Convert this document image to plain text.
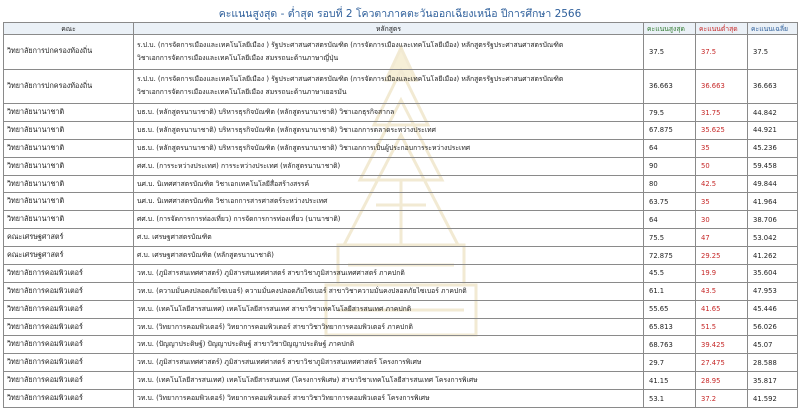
คะแนนสูงสุด - ต่ำสุด รอบที่ 2 โควตาภาคตะวันออกเฉียงเหนือ ปีการศึกษา 2566
คณะ	หลักสูตร	คะแนนสูงสุด	คะแนนต่ำสุด	คะแนนเฉลี่ย
วิทยาลัยการปกครองท้องถิ่น	ร.ป.บ. (การจัดการเมืองและเทคโนโลยีเมือง ) รัฐประศาสนศาสตรบัณฑิต (การจัดการเมืองและเทคโนโลยีเมือง) หลักสูตรรัฐประศาสนศาสตรบัณฑิต
วิชาเอกการจัดการเมืองและเทคโนโลยีเมือง สมรรถนะด้านภาษาญี่ปุ่น	37.5	37.5	37.5
วิทยาลัยการปกครองท้องถิ่น	ร.ป.บ. (การจัดการเมืองและเทคโนโลยีเมือง ) รัฐประศาสนศาสตรบัณฑิต (การจัดการเมืองและเทคโนโลยีเมือง) หลักสูตรรัฐประศาสนศาสตรบัณฑิต
วิชาเอกการจัดการเมืองและเทคโนโลยีเมือง สมรรถนะด้านภาษาเยอรมัน	36.663	36.663	36.663
วิทยาลัยนานาชาติ	บธ.บ. (หลักสูตรนานาชาติ) บริหารธุรกิจบัณฑิต (หลักสูตรนานาชาติ) วิชาเอกธุรกิจสากล	79.5	31.75	44.842
วิทยาลัยนานาชาติ	บธ.บ. (หลักสูตรนานาชาติ) บริหารธุรกิจบัณฑิต (หลักสูตรนานาชาติ) วิชาเอกการตลาดระหว่างประเทศ	67.875	35.625	44.921
วิทยาลัยนานาชาติ	บธ.บ. (หลักสูตรนานาชาติ) บริหารธุรกิจบัณฑิต (หลักสูตรนานาชาติ) วิชาเอกการเป็นผู้ประกอบการระหว่างประเทศ	64	35	45.236
วิทยาลัยนานาชาติ	ศศ.บ. (การระหว่างประเทศ) การระหว่างประเทศ (หลักสูตรนานาชาติ)	90	50	59.458
วิทยาลัยนานาชาติ	นศ.บ. นิเทศศาสตรบัณฑิต วิชาเอกเทคโนโลยีสื่อสร้างสรรค์	80	42.5	49.844
วิทยาลัยนานาชาติ	นศ.บ. นิเทศศาสตรบัณฑิต วิชาเอกการสารศาสตร์ระหว่างประเทศ	63.75	35	41.964
วิทยาลัยนานาชาติ	ศศ.บ. (การจัดการการท่องเที่ยว) การจัดการการท่องเที่ยว (นานาชาติ)	64	30	38.706
คณะเศรษฐศาสตร์	ศ.บ. เศรษฐศาสตรบัณฑิต	75.5	47	53.042
คณะเศรษฐศาสตร์	ศ.บ. เศรษฐศาสตรบัณฑิต (หลักสูตรนานาชาติ)	72.875	29.25	41.262
วิทยาลัยการคอมพิวเตอร์	วท.บ. (ภูมิสารสนเทศศาสตร์) ภูมิสารสนเทศศาสตร์ สาขาวิชาภูมิสารสนเทศศาสตร์ ภาคปกติ	45.5	19.9	35.604
วิทยาลัยการคอมพิวเตอร์	วท.บ. (ความมั่นคงปลอดภัยไซเบอร์) ความมั่นคงปลอดภัยไซเบอร์ สาขาวิชาความมั่นคงปลอดภัยไซเบอร์ ภาคปกติ	61.1	43.5	47.953
วิทยาลัยการคอมพิวเตอร์	วท.บ. (เทคโนโลยีสารสนเทศ) เทคโนโลยีสารสนเทศ สาขาวิชาเทคโนโลยีสารสนเทศ ภาคปกติ	55.65	41.65	45.446
วิทยาลัยการคอมพิวเตอร์	วท.บ. (วิทยาการคอมพิวเตอร์) วิทยาการคอมพิวเตอร์ สาขาวิชาวิทยาการคอมพิวเตอร์ ภาคปกติ	65.813	51.5	56.026
วิทยาลัยการคอมพิวเตอร์	วท.บ. (ปัญญาประดิษฐ์) ปัญญาประดิษฐ์ สาขาวิชาปัญญาประดิษฐ์ ภาคปกติ	68.763	39.425	45.07
วิทยาลัยการคอมพิวเตอร์	วท.บ. (ภูมิสารสนเทศศาสตร์) ภูมิสารสนเทศศาสตร์ สาขาวิชาภูมิสารสนเทศศาสตร์ โครงการพิเศษ	29.7	27.475	28.588
วิทยาลัยการคอมพิวเตอร์	วท.บ. (เทคโนโลยีสารสนเทศ) เทคโนโลยีสารสนเทศ (โครงการพิเศษ) สาขาวิชาเทคโนโลยีสารสนเทศ โครงการพิเศษ	41.15	28.95	35.817
วิทยาลัยการคอมพิวเตอร์	วท.บ. (วิทยาการคอมพิวเตอร์) วิทยาการคอมพิวเตอร์ สาขาวิชาวิทยาการคอมพิวเตอร์ โครงการพิเศษ	53.1	37.2	41.592
